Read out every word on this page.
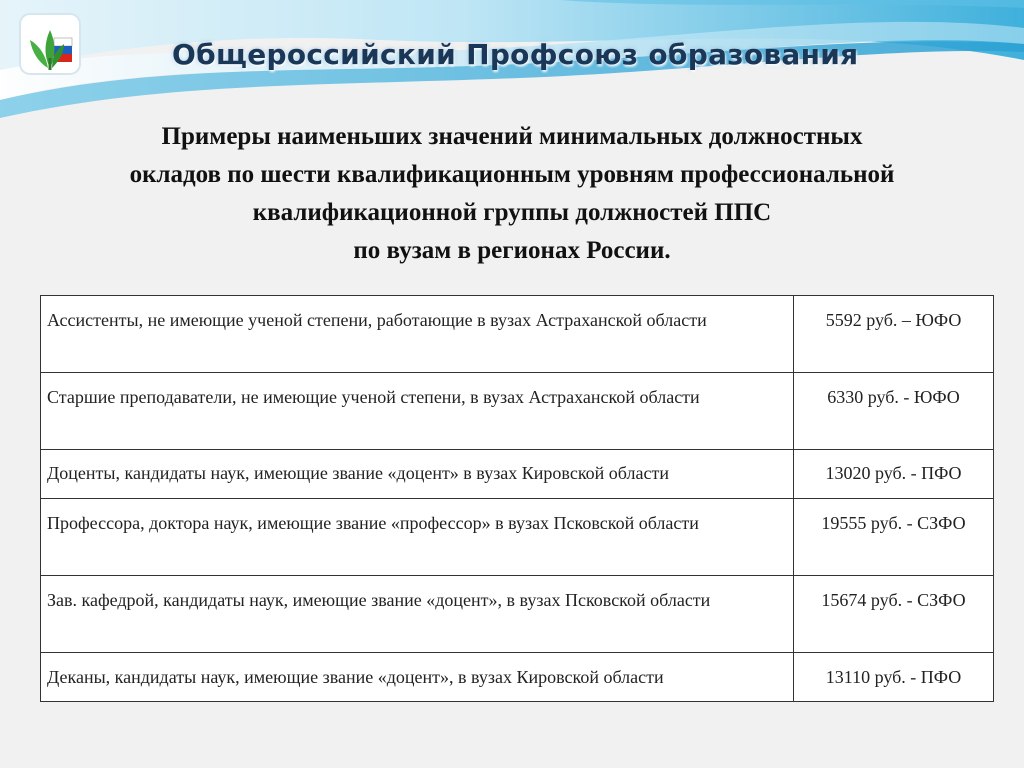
Общероссийский Профсоюз образования
Примеры наименьших значений минимальных должностных
окладов по шести квалификационным уровням профессиональной
квалификационной группы должностей ППС
по вузам в регионах России.
Ассистенты, не имеющие ученой степени, работающие в вузах Астраханской области	5592 руб. – ЮФО
Старшие преподаватели, не имеющие ученой степени, в вузах Астраханской области	6330 руб. - ЮФО
Доценты, кандидаты наук, имеющие звание «доцент» в вузах Кировской области	13020 руб. - ПФО
Профессора, доктора наук, имеющие звание «профессор» в вузах Псковской области	19555 руб. - СЗФО
Зав. кафедрой, кандидаты наук, имеющие звание «доцент», в вузах Псковской области	15674 руб. - СЗФО
Деканы, кандидаты наук, имеющие звание «доцент», в вузах Кировской области	13110 руб. - ПФО
